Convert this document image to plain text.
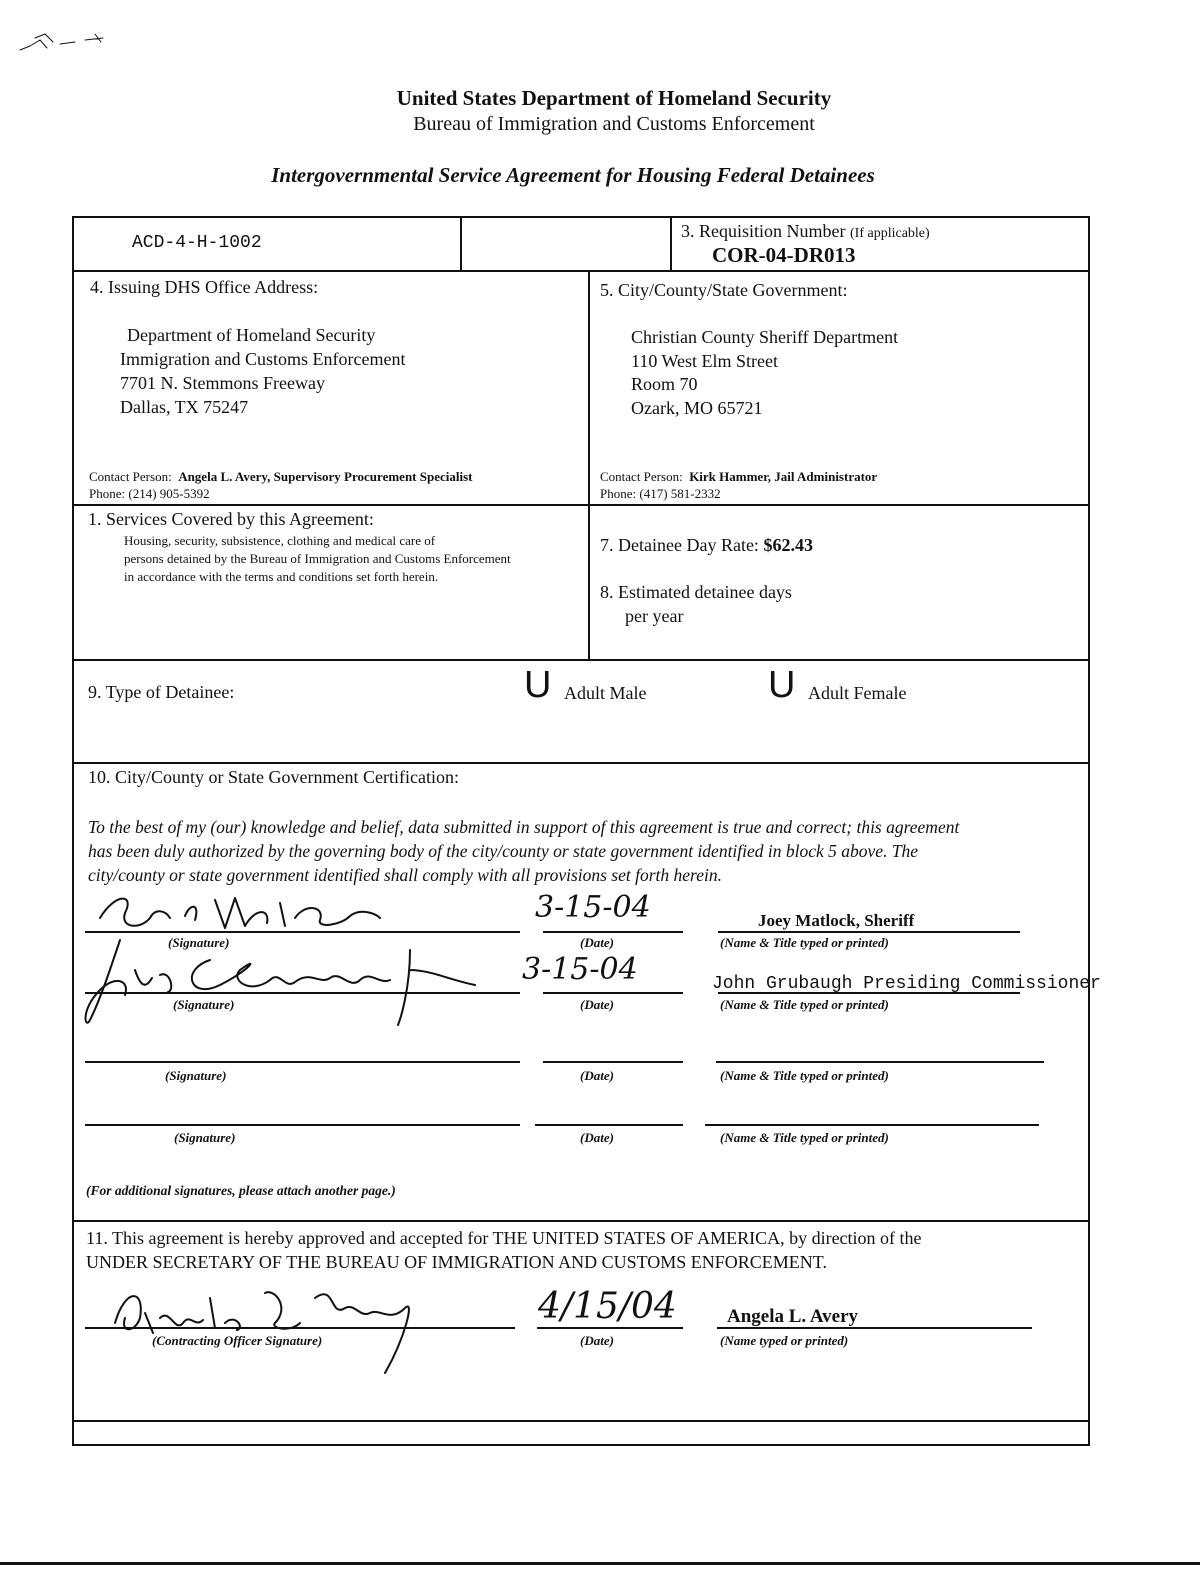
United States Department of Homeland Security
Bureau of Immigration and Customs Enforcement
Intergovernmental Service Agreement for Housing Federal Detainees
ACD-4-H-1002
3. Requisition Number (If applicable)
COR-04-DR013
4. Issuing DHS Office Address:
Department of Homeland Security
Immigration and Customs Enforcement
7701 N. Stemmons Freeway
Dallas, TX 75247
Contact Person: Angela L. Avery, Supervisory Procurement Specialist
Phone: (214) 905-5392
5. City/County/State Government:
Christian County Sheriff Department
110 West Elm Street
Room 70
Ozark, MO 65721
Contact Person: Kirk Hammer, Jail Administrator
Phone: (417) 581-2332
1. Services Covered by this Agreement:
Housing, security, subsistence, clothing and medical care of
persons detained by the Bureau of Immigration and Customs Enforcement
in accordance with the terms and conditions set forth herein.
7. Detainee Day Rate: $62.43
8. Estimated detainee days
per year
9. Type of Detainee:	U Adult Male	U Adult Female
10. City/County or State Government Certification:
To the best of my (our) knowledge and belief, data submitted in support of this agreement is true and correct; this agreement
has been duly authorized by the governing body of the city/county or state government identified in block 5 above. The
city/county or state government identified shall comply with all provisions set forth herein.
3-15-04	Joey Matlock, Sheriff
(Signature)	(Date)	(Name & Title typed or printed)
3-15-04	John Grubaugh Presiding Commissioner
(Signature)	(Date)	(Name & Title typed or printed)
(Signature)	(Date)	(Name & Title typed or printed)
(Signature)	(Date)	(Name & Title typed or printed)
(For additional signatures, please attach another page.)
11. This agreement is hereby approved and accepted for THE UNITED STATES OF AMERICA, by direction of the
UNDER SECRETARY OF THE BUREAU OF IMMIGRATION AND CUSTOMS ENFORCEMENT.
4/15/04	Angela L. Avery
(Contracting Officer Signature)	(Date)	(Name typed or printed)
